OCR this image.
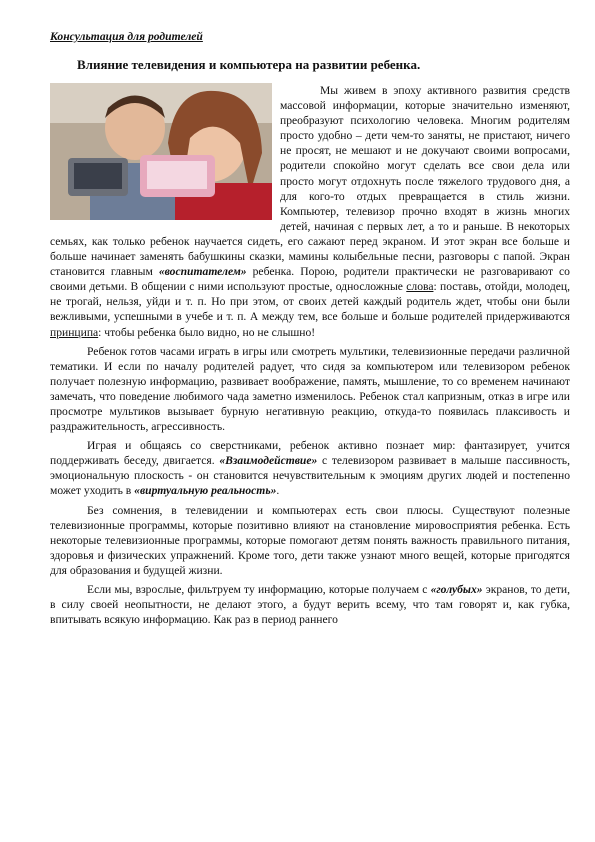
Консультация для родителей
Влияние телевидения и компьютера на развитии ребенка.

Мы живем в эпоху активного развития средств массовой информации, которые значительно изменяют, преобразуют психологию человека. Многим родителям просто удобно – дети чем-то заняты, не пристают, ничего не просят, не мешают и не докучают своими вопросами, родители спокойно могут сделать все свои дела или просто могут отдохнуть после тяжелого трудового дня, а для кого-то отдых превращается в стиль жизни. Компьютер, телевизор прочно входят в жизнь многих детей, начиная с первых лет, а то и раньше. В некоторых семьях, как только ребенок научается сидеть, его сажают перед экраном. И этот экран все больше и больше начинает заменять бабушкины сказки, мамины колыбельные песни, разговоры с папой. Экран становится главным «воспитателем» ребенка. Порою, родители практически не разговаривают со своими детьми. В общении с ними используют простые, односложные слова: поставь, отойди, молодец, не трогай, нельзя, уйди и т. п. Но при этом, от своих детей каждый родитель ждет, чтобы они были вежливыми, успешными в учебе и т. п. А между тем, все больше и больше родителей придерживаются принципа: чтобы ребенка было видно, но не слышно!

Ребенок готов часами играть в игры или смотреть мультики, телевизионные передачи различной тематики. И если по началу родителей радует, что сидя за компьютером или телевизором ребенок получает полезную информацию, развивает воображение, память, мышление, то со временем начинают замечать, что поведение любимого чада заметно изменилось. Ребенок стал капризным, отказ в игре или просмотре мультиков вызывает бурную негативную реакцию, откуда-то появилась плаксивость и раздражительность, агрессивность.

Играя и общаясь со сверстниками, ребенок активно познает мир: фантазирует, учится поддерживать беседу, двигается. «Взаимодействие» с телевизором развивает в малыше пассивность, эмоциональную плоскость - он становится нечувствительным к эмоциям других людей и постепенно может уходить в «виртуальную реальность».

Без сомнения, в телевидении и компьютерах есть свои плюсы. Существуют полезные телевизионные программы, которые позитивно влияют на становление мировосприятия ребенка. Есть некоторые телевизионные программы, которые помогают детям понять важность правильного питания, здоровья и физических упражнений. Кроме того, дети также узнают много вещей, которые пригодятся для образования и будущей жизни.

Если мы, взрослые, фильтруем ту информацию, которые получаем с «голубых» экранов, то дети, в силу своей неопытности, не делают этого, а будут верить всему, что там говорят и, как губка, впитывать всякую информацию. Как раз в период раннего
